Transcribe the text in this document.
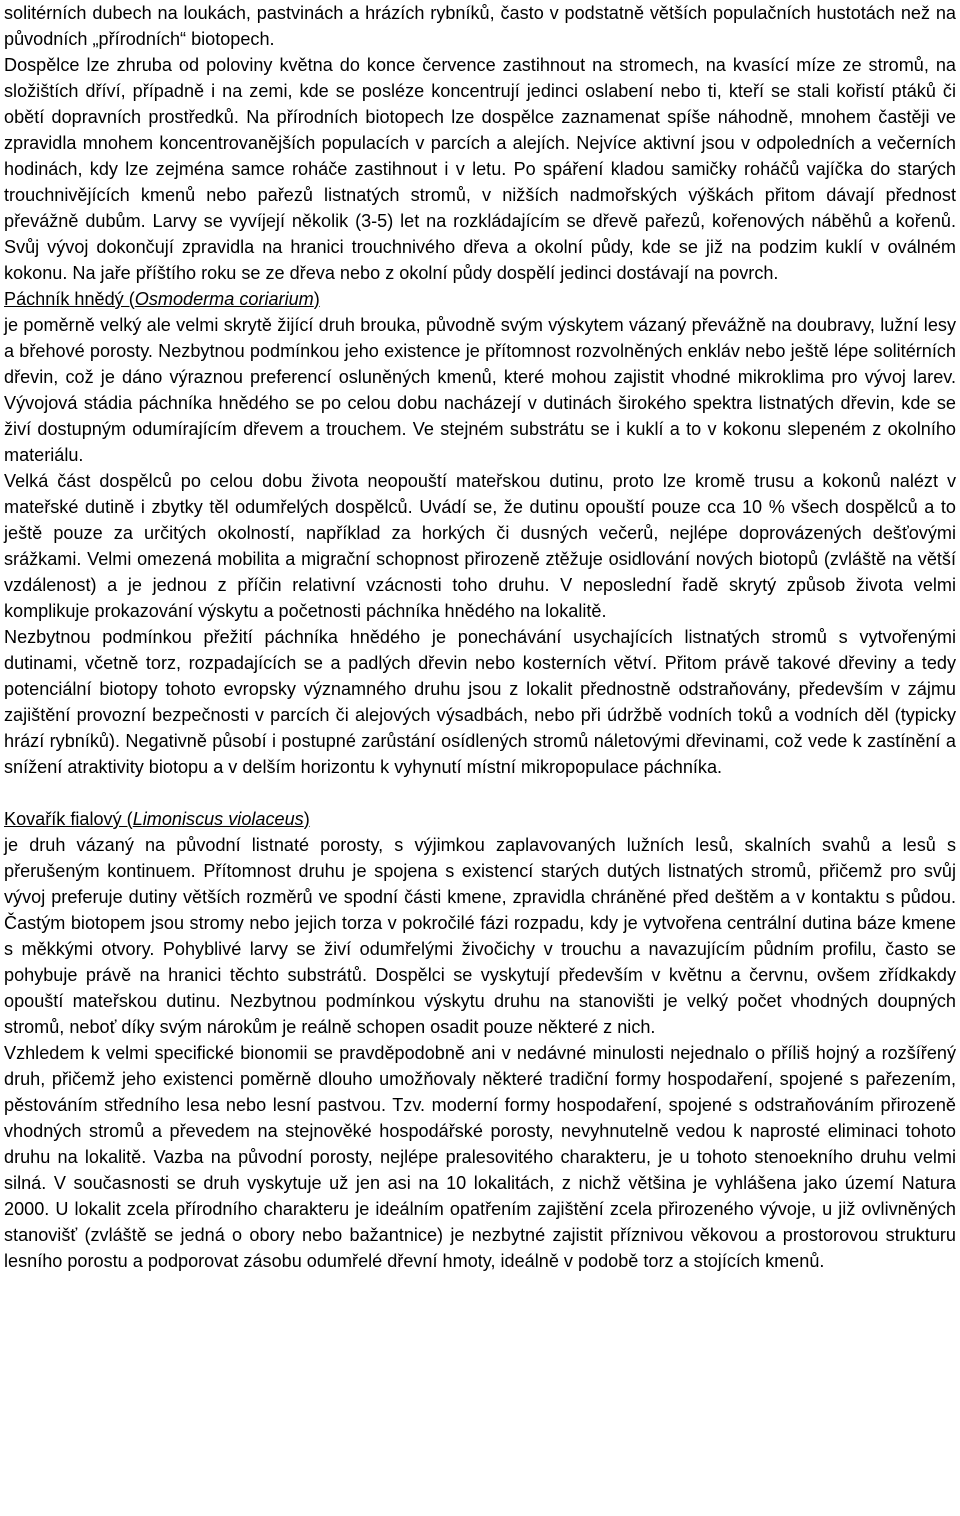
solitérních dubech na loukách, pastvinách a hrázích rybníků, často v podstatně větších populačních hustotách než na původních „přírodních“ biotopech.

Dospělce lze zhruba od poloviny května do konce července zastihnout na stromech, na kvasící míze ze stromů, na složištích dříví, případně i na zemi, kde se posléze koncentrují jedinci oslabení nebo ti, kteří se stali kořistí ptáků či obětí dopravních prostředků. Na přírodních biotopech lze dospělce zaznamenat spíše náhodně, mnohem častěji ve zpravidla mnohem koncentrovanějších populacích v parcích a alejích. Nejvíce aktivní jsou v odpoledních a večerních hodinách, kdy lze zejména samce roháče zastihnout i v letu. Po spáření kladou samičky roháčů vajíčka do starých trouchnivějících kmenů nebo pařezů listnatých stromů, v nižších nadmořských výškách přitom dávají přednost převážně dubům. Larvy se vyvíjejí několik (3-5) let na rozkládajícím se dřevě pařezů, kořenových náběhů a kořenů. Svůj vývoj dokončují zpravidla na hranici trouchnivého dřeva a okolní půdy, kde se již na podzim kuklí v oválném kokonu. Na jaře příštího roku se ze dřeva nebo z okolní půdy dospělí jedinci dostávají na povrch.

Páchník hnědý (Osmoderma coriarium)

je poměrně velký ale velmi skrytě žijící druh brouka, původně svým výskytem vázaný převážně na doubravy, lužní lesy a břehové porosty. Nezbytnou podmínkou jeho existence je přítomnost rozvolněných enkláv nebo ještě lépe solitérních dřevin, což je dáno výraznou preferencí osluněných kmenů, které mohou zajistit vhodné mikroklima pro vývoj larev. Vývojová stádia páchníka hnědého se po celou dobu nacházejí v dutinách širokého spektra listnatých dřevin, kde se živí dostupným odumírajícím dřevem a trouchem. Ve stejném substrátu se i kuklí a to v kokonu slepeném z okolního materiálu.

Velká část dospělců po celou dobu života neopouští mateřskou dutinu, proto lze kromě trusu a kokonů nalézt v mateřské dutině i zbytky těl odumřelých dospělců. Uvádí se, že dutinu opouští pouze cca 10 % všech dospělců a to ještě pouze za určitých okolností, například za horkých či dusných večerů, nejlépe doprovázených dešťovými srážkami. Velmi omezená mobilita a migrační schopnost přirozeně ztěžuje osidlování nových biotopů (zvláště na větší vzdálenost) a je jednou z příčin relativní vzácnosti toho druhu. V neposlední řadě skrytý způsob života velmi komplikuje prokazování výskytu a početnosti páchníka hnědého na lokalitě.

Nezbytnou podmínkou přežití páchníka hnědého je ponechávání usychajících listnatých stromů s vytvořenými dutinami, včetně torz, rozpadajících se a padlých dřevin nebo kosterních větví. Přitom právě takové dřeviny a tedy potenciální biotopy tohoto evropsky významného druhu jsou z lokalit přednostně odstraňovány, především v zájmu zajištění provozní bezpečnosti v parcích či alejových výsadbách, nebo při údržbě vodních toků a vodních děl (typicky hrází rybníků). Negativně působí i postupné zarůstání osídlených stromů náletovými dřevinami, což vede k zastínění a snížení atraktivity biotopu a v delším horizontu k vyhynutí místní mikropopulace páchníka.

Kovařík fialový (Limoniscus violaceus)

je druh vázaný na původní listnaté porosty, s výjimkou zaplavovaných lužních lesů, skalních svahů a lesů s přerušeným kontinuem. Přítomnost druhu je spojena s existencí starých dutých listnatých stromů, přičemž pro svůj vývoj preferuje dutiny větších rozměrů ve spodní části kmene, zpravidla chráněné před deštěm a v kontaktu s půdou. Častým biotopem jsou stromy nebo jejich torza v pokročilé fázi rozpadu, kdy je vytvořena centrální dutina báze kmene s měkkými otvory. Pohyblivé larvy se živí odumřelými živočichy v trouchu a navazujícím půdním profilu, často se pohybuje právě na hranici těchto substrátů. Dospělci se vyskytují především v květnu a červnu, ovšem zřídkakdy opouští mateřskou dutinu. Nezbytnou podmínkou výskytu druhu na stanovišti je velký počet vhodných doupných stromů, neboť díky svým nárokům je reálně schopen osadit pouze některé z nich.

Vzhledem k velmi specifické bionomii se pravděpodobně ani v nedávné minulosti nejednalo o příliš hojný a rozšířený druh, přičemž jeho existenci poměrně dlouho umožňovaly některé tradiční formy hospodaření, spojené s pařezením, pěstováním středního lesa nebo lesní pastvou. Tzv. moderní formy hospodaření, spojené s odstraňováním přirozeně vhodných stromů a převedem na stejnověké hospodářské porosty, nevyhnutelně vedou k naprosté eliminaci tohoto druhu na lokalitě. Vazba na původní porosty, nejlépe pralesovitého charakteru, je u tohoto stenoekního druhu velmi silná. V současnosti se druh vyskytuje už jen asi na 10 lokalitách, z nichž většina je vyhlášena jako území Natura 2000. U lokalit zcela přírodního charakteru je ideálním opatřením zajištění zcela přirozeného vývoje, u již ovlivněných stanovišť (zvláště se jedná o obory nebo bažantnice) je nezbytné zajistit příznivou věkovou a prostorovou strukturu lesního porostu a podporovat zásobu odumřelé dřevní hmoty, ideálně v podobě torz a stojících kmenů.
